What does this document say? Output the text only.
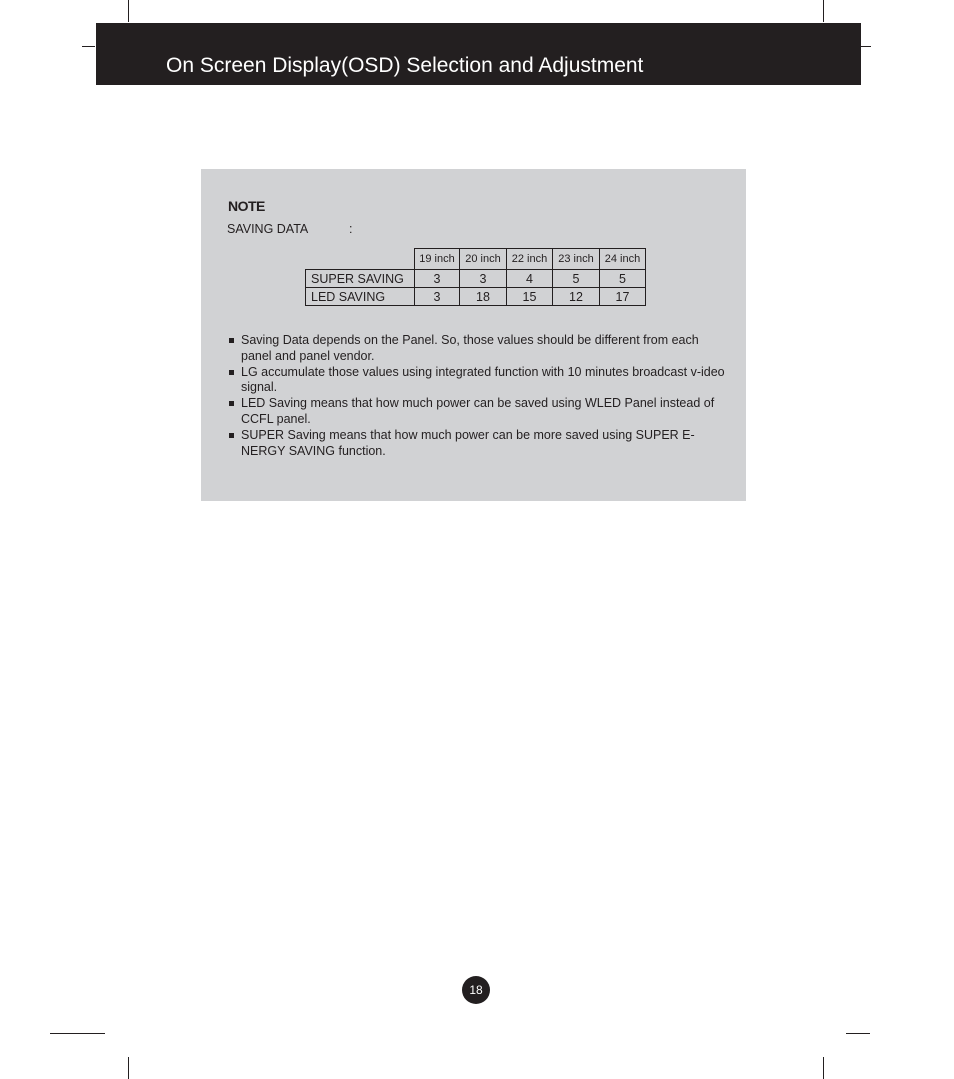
On Screen Display(OSD) Selection and Adjustment
NOTE
SAVING DATA	:
	19 inch	20 inch	22 inch	23 inch	24 inch
SUPER SAVING	3	3	4	5	5
LED SAVING	3	18	15	12	17
Saving Data depends on the Panel. So, those values should be different from each panel and panel vendor.
LG accumulate those values using integrated function with 10 minutes broadcast v-ideo signal.
LED Saving means that how much power can be saved using WLED Panel instead of CCFL panel.
SUPER Saving means that how much power can be more saved using SUPER E-NERGY SAVING function.
18
